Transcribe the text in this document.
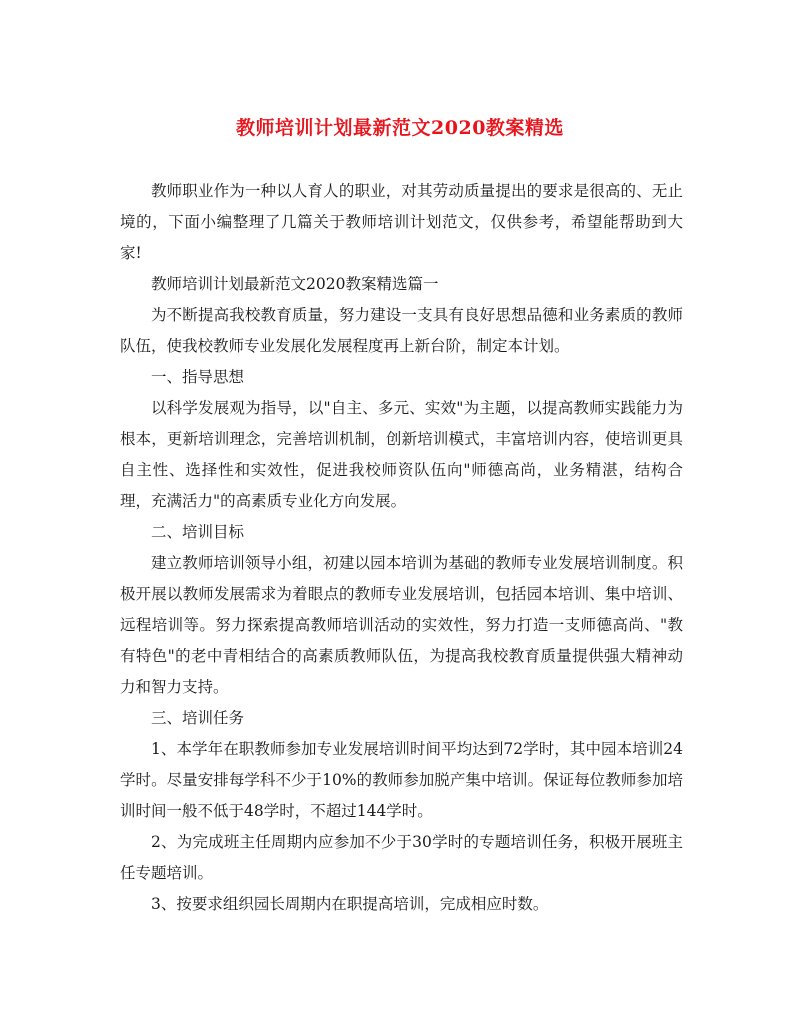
教师培训计划最新范文2020教案精选

教师职业作为一种以人育人的职业，对其劳动质量提出的要求是很高的、无止境的，下面小编整理了几篇关于教师培训计划范文，仅供参考，希望能帮助到大家!

教师培训计划最新范文2020教案精选篇一

为不断提高我校教育质量，努力建设一支具有良好思想品德和业务素质的教师队伍，使我校教师专业发展化发展程度再上新台阶，制定本计划。

一、指导思想

以科学发展观为指导，以"自主、多元、实效"为主题，以提高教师实践能力为根本，更新培训理念，完善培训机制，创新培训模式，丰富培训内容，使培训更具自主性、选择性和实效性，促进我校师资队伍向"师德高尚，业务精湛，结构合理，充满活力"的高素质专业化方向发展。

二、培训目标

建立教师培训领导小组，初建以园本培训为基础的教师专业发展培训制度。积极开展以教师发展需求为着眼点的教师专业发展培训，包括园本培训、集中培训、远程培训等。努力探索提高教师培训活动的实效性，努力打造一支师德高尚、"教有特色"的老中青相结合的高素质教师队伍，为提高我校教育质量提供强大精神动力和智力支持。

三、培训任务

1、本学年在职教师参加专业发展培训时间平均达到72学时，其中园本培训24学时。尽量安排每学科不少于10%的教师参加脱产集中培训。保证每位教师参加培训时间一般不低于48学时，不超过144学时。

2、为完成班主任周期内应参加不少于30学时的专题培训任务，积极开展班主任专题培训。

3、按要求组织园长周期内在职提高培训，完成相应时数。
